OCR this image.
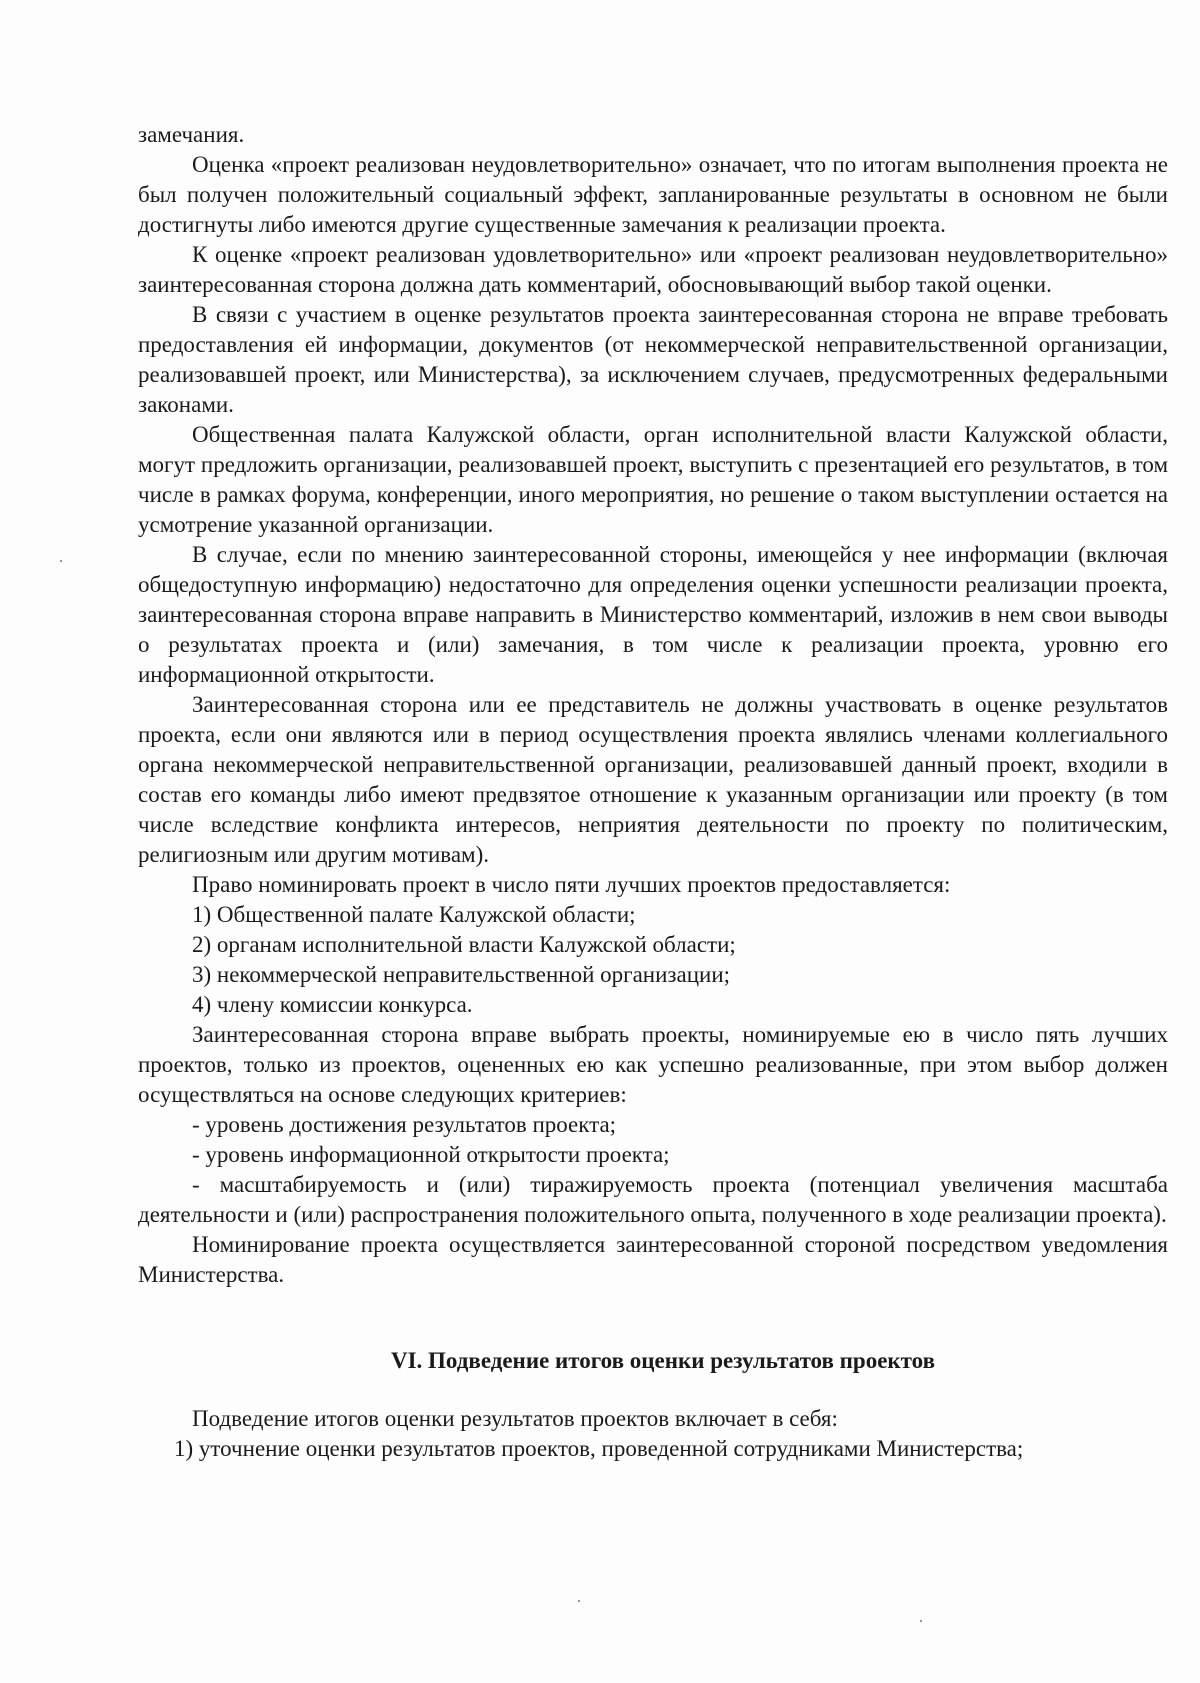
замечания.

Оценка «проект реализован неудовлетворительно» означает, что по итогам выполнения проекта не был получен положительный социальный эффект, запланированные результаты в основном не были достигнуты либо имеются другие существенные замечания к реализации проекта.

К оценке «проект реализован удовлетворительно» или «проект реализован неудовлетворительно» заинтересованная сторона должна дать комментарий, обосновывающий выбор такой оценки.

В связи с участием в оценке результатов проекта заинтересованная сторона не вправе требовать предоставления ей информации, документов (от некоммерческой неправительственной организации, реализовавшей проект, или Министерства), за исключением случаев, предусмотренных федеральными законами.

Общественная палата Калужской области, орган исполнительной власти Калужской области, могут предложить организации, реализовавшей проект, выступить с презентацией его результатов, в том числе в рамках форума, конференции, иного мероприятия, но решение о таком выступлении остается на усмотрение указанной организации.

В случае, если по мнению заинтересованной стороны, имеющейся у нее информации (включая общедоступную информацию) недостаточно для определения оценки успешности реализации проекта, заинтересованная сторона вправе направить в Министерство комментарий, изложив в нем свои выводы о результатах проекта и (или) замечания, в том числе к реализации проекта, уровню его информационной открытости.

Заинтересованная сторона или ее представитель не должны участвовать в оценке результатов проекта, если они являются или в период осуществления проекта являлись членами коллегиального органа некоммерческой неправительственной организации, реализовавшей данный проект, входили в состав его команды либо имеют предвзятое отношение к указанным организации или проекту (в том числе вследствие конфликта интересов, неприятия деятельности по проекту по политическим, религиозным или другим мотивам).

Право номинировать проект в число пяти лучших проектов предоставляется:

1) Общественной палате Калужской области;

2) органам исполнительной власти Калужской области;

3) некоммерческой неправительственной организации;

4) члену комиссии конкурса.

Заинтересованная сторона вправе выбрать проекты, номинируемые ею в число пять лучших проектов, только из проектов, оцененных ею как успешно реализованные, при этом выбор должен осуществляться на основе следующих критериев:

- уровень достижения результатов проекта;

- уровень информационной открытости проекта;

- масштабируемость и (или) тиражируемость проекта (потенциал увеличения масштаба деятельности и (или) распространения положительного опыта, полученного в ходе реализации проекта).

Номинирование проекта осуществляется заинтересованной стороной посредством уведомления Министерства.

VI. Подведение итогов оценки результатов проектов

Подведение итогов оценки результатов проектов включает в себя:

1) уточнение оценки результатов проектов, проведенной сотрудниками Министерства;
